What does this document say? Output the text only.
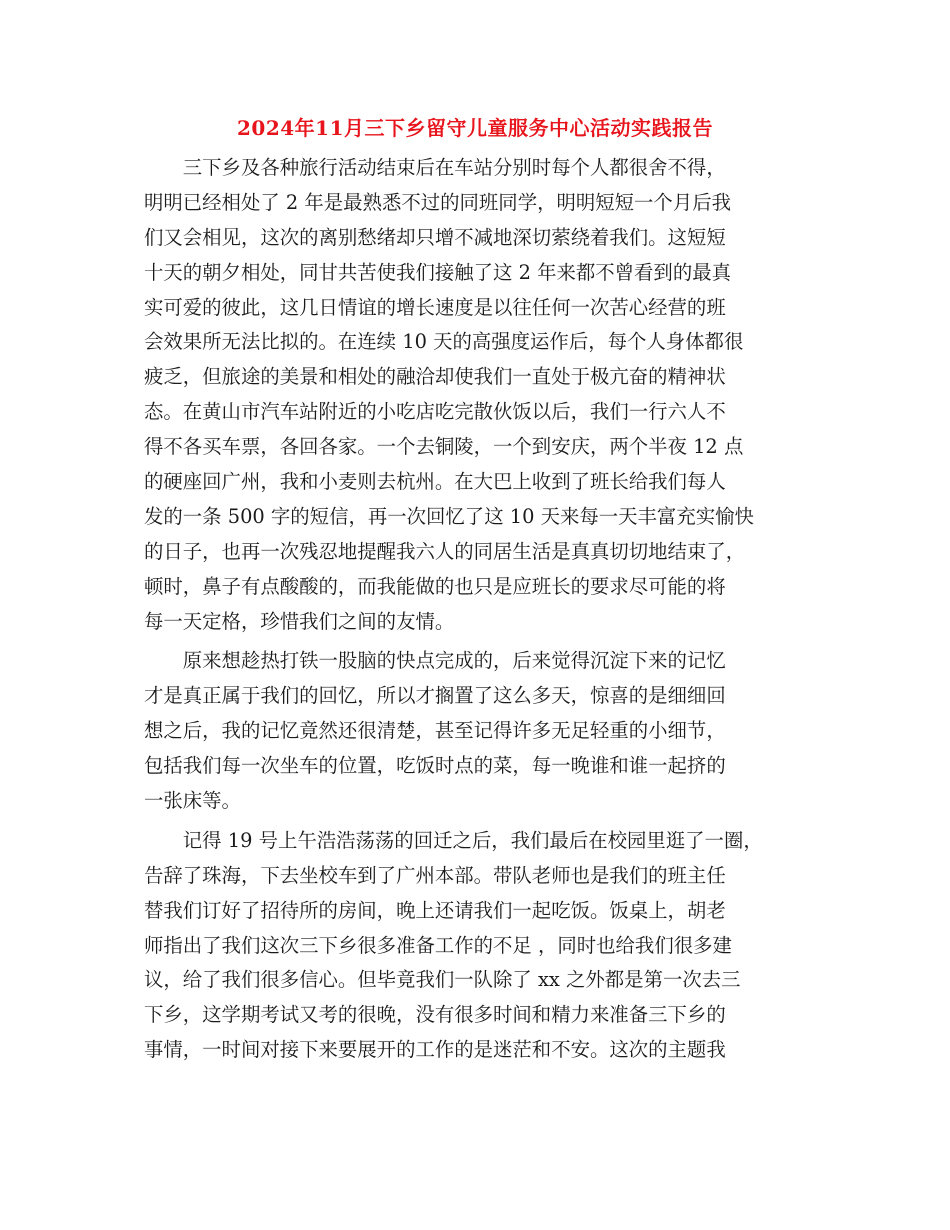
2024年11月三下乡留守儿童服务中心活动实践报告
　　三下乡及各种旅行活动结束后在车站分别时每个人都很舍不得，
明明已经相处了 2 年是最熟悉不过的同班同学，明明短短一个月后我
们又会相见，这次的离别愁绪却只增不减地深切萦绕着我们。这短短
十天的朝夕相处，同甘共苦使我们接触了这 2 年来都不曾看到的最真
实可爱的彼此，这几日情谊的增长速度是以往任何一次苦心经营的班
会效果所无法比拟的。在连续 10 天的高强度运作后，每个人身体都很
疲乏，但旅途的美景和相处的融洽却使我们一直处于极亢奋的精神状
态。在黄山市汽车站附近的小吃店吃完散伙饭以后，我们一行六人不
得不各买车票，各回各家。一个去铜陵，一个到安庆，两个半夜 12 点
的硬座回广州，我和小麦则去杭州。在大巴上收到了班长给我们每人
发的一条 500 字的短信，再一次回忆了这 10 天来每一天丰富充实愉快
的日子，也再一次残忍地提醒我六人的同居生活是真真切切地结束了，
顿时，鼻子有点酸酸的，而我能做的也只是应班长的要求尽可能的将
每一天定格，珍惜我们之间的友情。
　　原来想趁热打铁一股脑的快点完成的，后来觉得沉淀下来的记忆
才是真正属于我们的回忆，所以才搁置了这么多天，惊喜的是细细回
想之后，我的记忆竟然还很清楚，甚至记得许多无足轻重的小细节，
包括我们每一次坐车的位置，吃饭时点的菜，每一晚谁和谁一起挤的
一张床等。
　　记得 19 号上午浩浩荡荡的回迁之后，我们最后在校园里逛了一圈，
告辞了珠海，下去坐校车到了广州本部。带队老师也是我们的班主任
替我们订好了招待所的房间，晚上还请我们一起吃饭。饭桌上，胡老
师指出了我们这次三下乡很多准备工作的不足 ，同时也给我们很多建
议，给了我们很多信心。但毕竟我们一队除了 xx 之外都是第一次去三
下乡，这学期考试又考的很晚，没有很多时间和精力来准备三下乡的
事情，一时间对接下来要展开的工作的是迷茫和不安。这次的主题我
